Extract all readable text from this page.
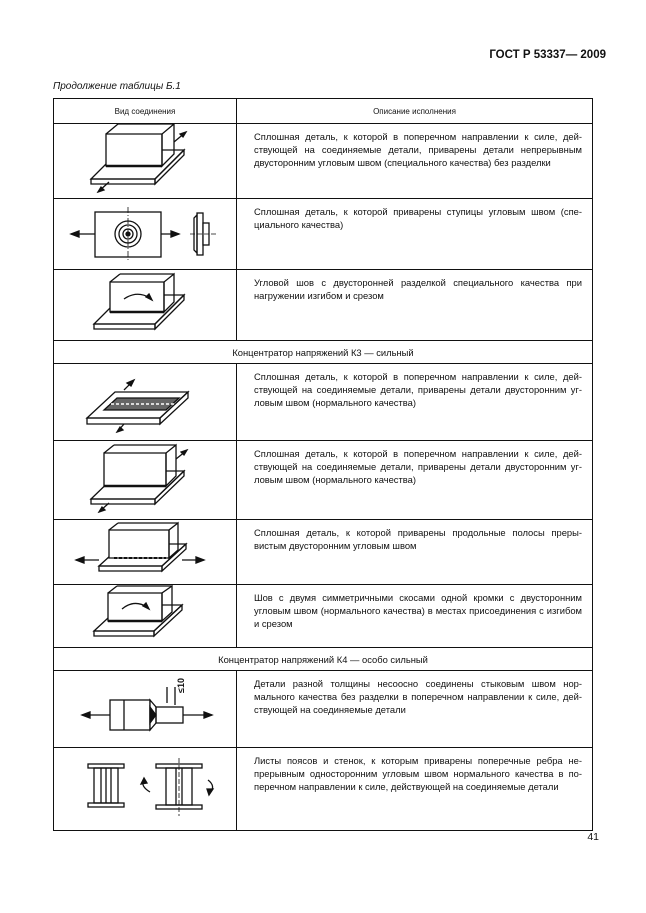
ГОСТ Р 53337— 2009
Продолжение таблицы Б.1
Вид соединения	Описание исполнения

	Сплошная деталь, к которой в поперечном направлении к силе, действующей на соединяемые детали, приварены детали непрерывным двусторонним угловым швом (специального качества) без разделки

	Сплошная деталь, к которой приварены ступицы угловым швом (специального качества)

	Угловой шов с двусторонней разделкой специального качества при нагружении изгибом и срезом
Концентратор напряжений К3 — сильный	

	Сплошная деталь, к которой в поперечном направлении к силе, действующей на соединяемые детали, приварены детали двусторонним угловым швом (нормального качества)

	Сплошная деталь, к которой в поперечном направлении к силе, действующей на соединяемые детали, приварены детали двусторонним угловым швом (нормального качества)

	Сплошная деталь, к которой приварены продольные полосы прерывистым двусторонним угловым швом

	Шов с двумя симметричными скосами одной кромки с двусторонним угловым швом (нормального качества) в местах присоединения с изгибом и срезом
Концентратор напряжений К4 — особо сильный	

≤10	Детали разной толщины несоосно соединены стыковым швом нормального качества без разделки в поперечном направлении к силе, действующей на соединяемые детали

	Листы поясов и стенок, к которым приварены поперечные ребра непрерывным односторонним угловым швом нормального качества в поперечном направлении к силе, действующей на соединяемые детали
41
